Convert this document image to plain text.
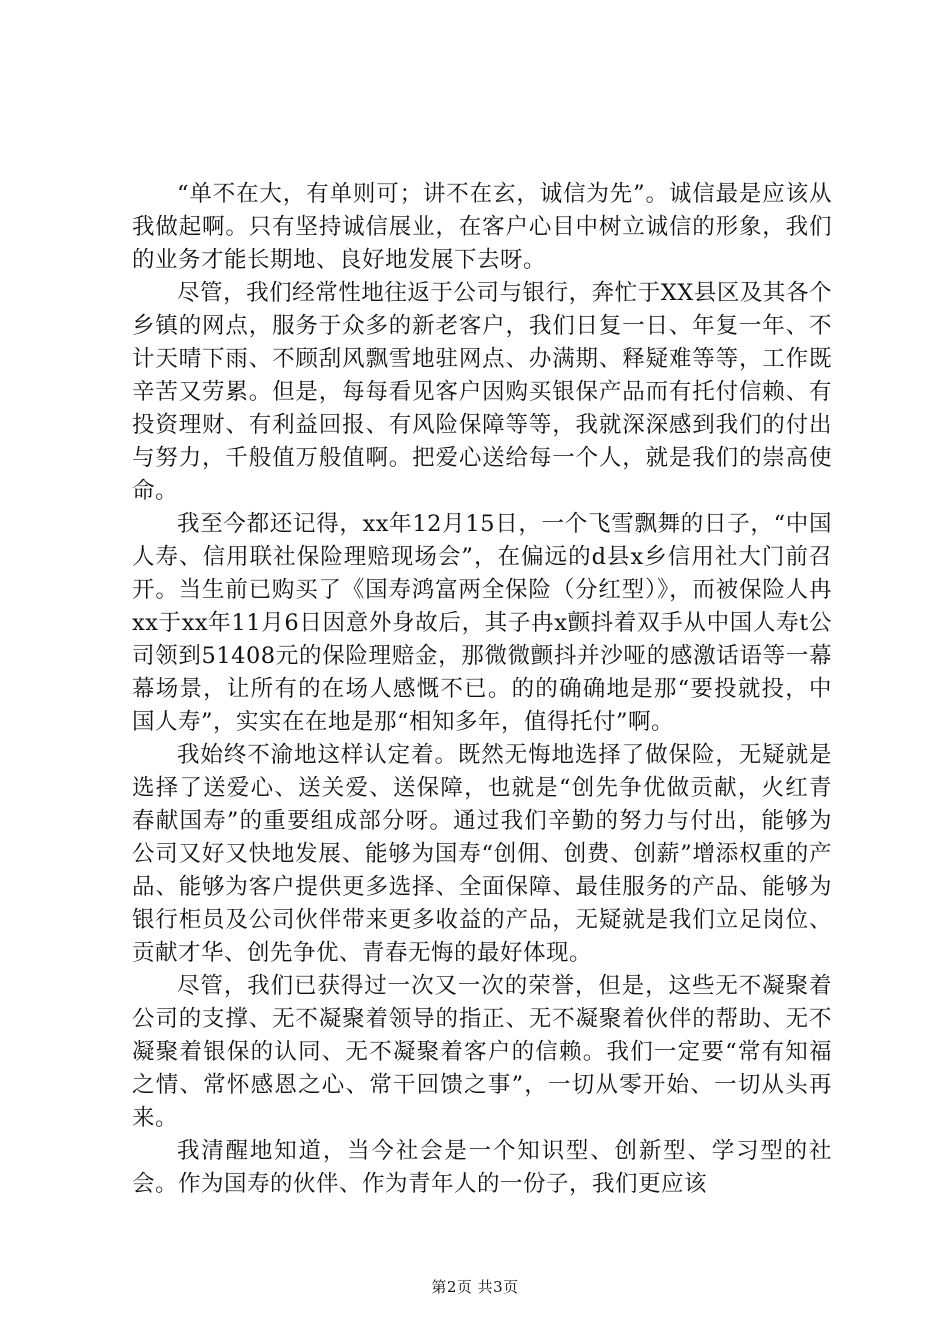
“单不在大，有单则可；讲不在玄，诚信为先”。诚信最是应该从我做起啊。只有坚持诚信展业，在客户心目中树立诚信的形象，我们的业务才能长期地、良好地发展下去呀。

尽管，我们经常性地往返于公司与银行，奔忙于XX县区及其各个乡镇的网点，服务于众多的新老客户，我们日复一日、年复一年、不计天晴下雨、不顾刮风飘雪地驻网点、办满期、释疑难等等，工作既辛苦又劳累。但是，每每看见客户因购买银保产品而有托付信赖、有投资理财、有利益回报、有风险保障等等，我就深深感到我们的付出与努力，千般值万般值啊。把爱心送给每一个人，就是我们的崇高使命。

我至今都还记得，xx年12月15日，一个飞雪飘舞的日子，“中国人寿、信用联社保险理赔现场会”，在偏远的d县x乡信用社大门前召开。当生前已购买了《国寿鸿富两全保险（分红型）》，而被保险人冉xx于xx年11月6日因意外身故后，其子冉x颤抖着双手从中国人寿t公司领到51408元的保险理赔金，那微微颤抖并沙哑的感激话语等一幕幕场景，让所有的在场人感慨不已。的的确确地是那“要投就投，中国人寿”，实实在在地是那“相知多年，值得托付”啊。

我始终不渝地这样认定着。既然无悔地选择了做保险，无疑就是选择了送爱心、送关爱、送保障，也就是“创先争优做贡献，火红青春献国寿”的重要组成部分呀。通过我们辛勤的努力与付出，能够为公司又好又快地发展、能够为国寿“创佣、创费、创薪”增添权重的产品、能够为客户提供更多选择、全面保障、最佳服务的产品、能够为银行柜员及公司伙伴带来更多收益的产品，无疑就是我们立足岗位、贡献才华、创先争优、青春无悔的最好体现。

尽管，我们已获得过一次又一次的荣誉，但是，这些无不凝聚着公司的支撑、无不凝聚着领导的指正、无不凝聚着伙伴的帮助、无不凝聚着银保的认同、无不凝聚着客户的信赖。我们一定要“常有知福之情、常怀感恩之心、常干回馈之事”，一切从零开始、一切从头再来。

我清醒地知道，当今社会是一个知识型、创新型、学习型的社会。作为国寿的伙伴、作为青年人的一份子，我们更应该

第2页 共3页
